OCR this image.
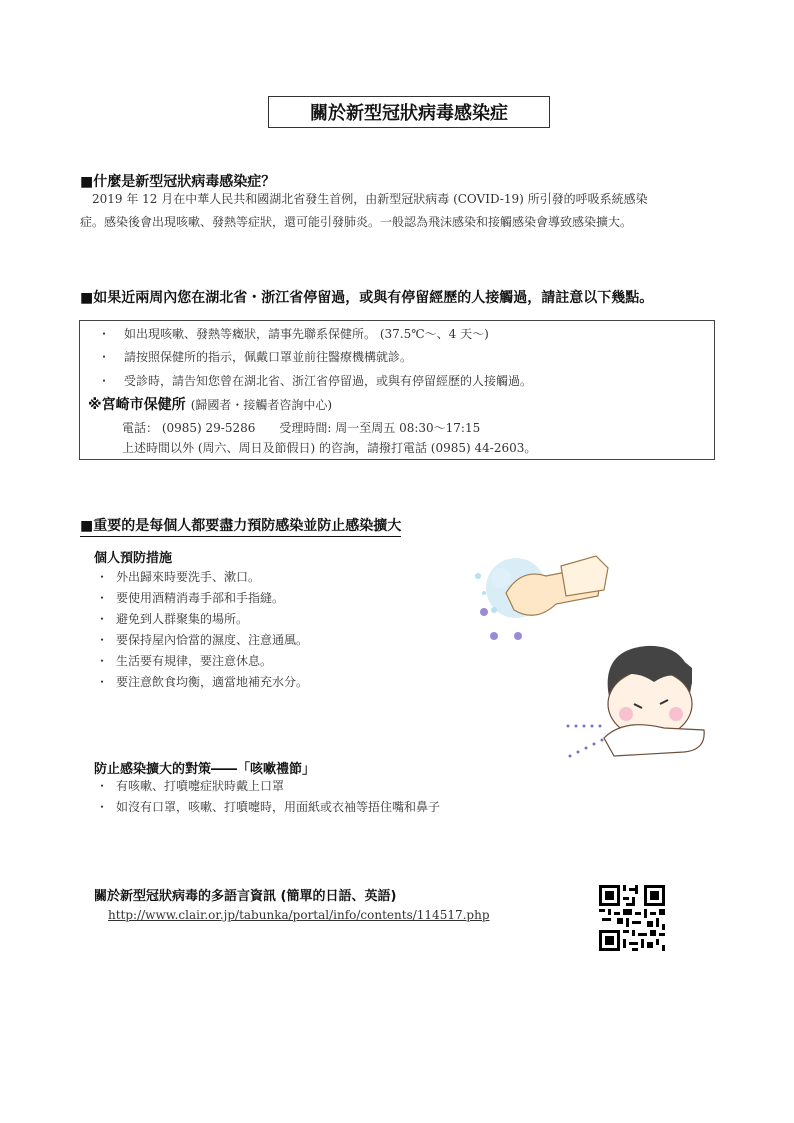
關於新型冠狀病毒感染症
■什麼是新型冠狀病毒感染症？
2019 年 12 月在中華人民共和國湖北省發生首例，由新型冠狀病毒 (COVID-19) 所引發的呼吸系統感染
症。感染後會出現咳嗽、發熱等症狀，還可能引發肺炎。一般認為飛沫感染和接觸感染會導致感染擴大。
■如果近兩周內您在湖北省・浙江省停留過，或與有停留經歷的人接觸過，請註意以下幾點。
・ 如出現咳嗽、發熱等癥狀，請事先聯系保健所。 (37.5℃～、4 天～)
・ 請按照保健所的指示，佩戴口罩並前往醫療機構就診。
・ 受診時，請告知您曾在湖北省、浙江省停留過，或與有停留經歷的人接觸過。
※宮崎市保健所 (歸國者・接觸者咨詢中心)
電話： (0985) 29-5286　　受理時間: 周一至周五 08:30～17:15
上述時間以外 (周六、周日及節假日) 的咨詢，請撥打電話 (0985) 44-2603。
■重要的是每個人都要盡力預防感染並防止感染擴大
個人預防措施
・ 外出歸來時要洗手、漱口。
・ 要使用酒精消毒手部和手指縫。
・ 避免到人群聚集的場所。
・ 要保持屋內恰當的濕度、注意通風。
・ 生活要有規律，要注意休息。
・ 要注意飲食均衡，適當地補充水分。
防止感染擴大的對策――「咳嗽禮節」
・ 有咳嗽、打噴嚏症狀時戴上口罩
・ 如沒有口罩，咳嗽、打噴嚏時，用面紙或衣袖等捂住嘴和鼻子
關於新型冠狀病毒的多語言資訊 (簡單的日語、英語)
http://www.clair.or.jp/tabunka/portal/info/contents/114517.php
